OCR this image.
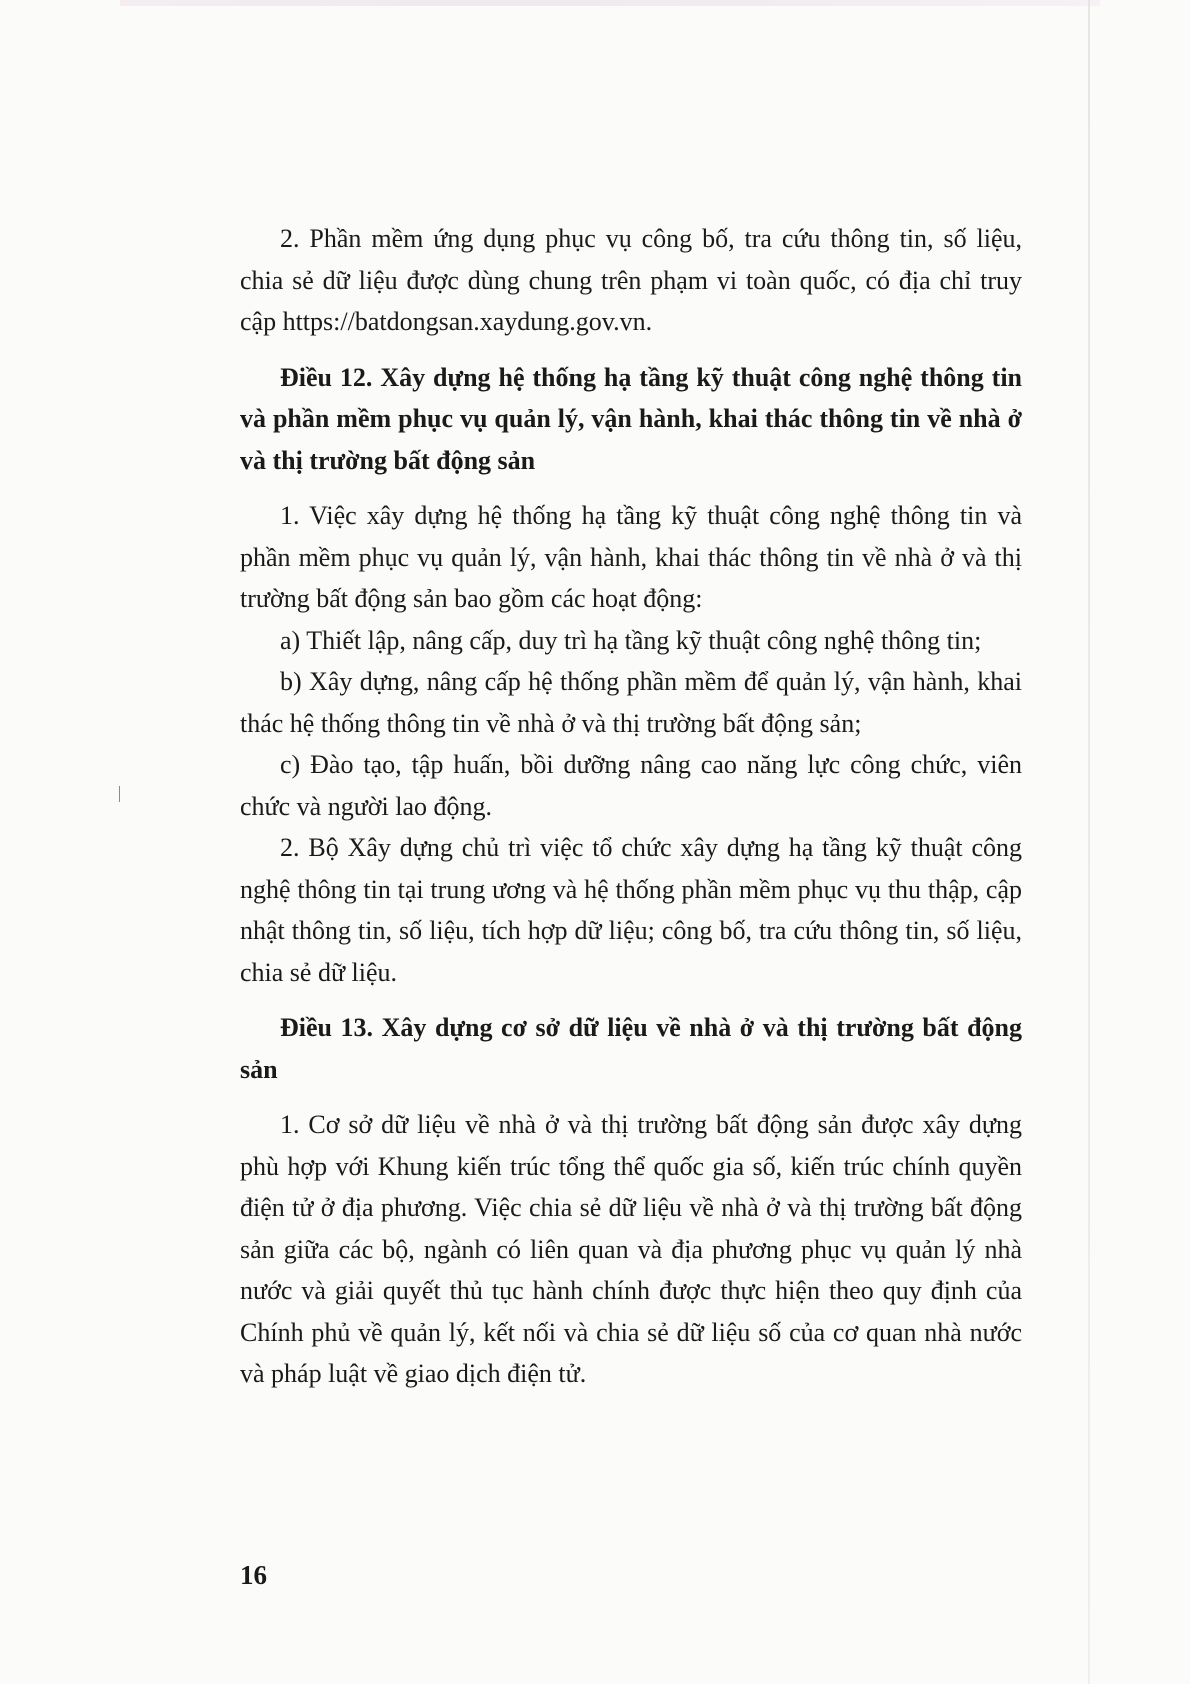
2. Phần mềm ứng dụng phục vụ công bố, tra cứu thông tin, số liệu, chia sẻ dữ liệu được dùng chung trên phạm vi toàn quốc, có địa chỉ truy cập https://batdongsan.xaydung.gov.vn.

Điều 12. Xây dựng hệ thống hạ tầng kỹ thuật công nghệ thông tin và phần mềm phục vụ quản lý, vận hành, khai thác thông tin về nhà ở và thị trường bất động sản

1. Việc xây dựng hệ thống hạ tầng kỹ thuật công nghệ thông tin và phần mềm phục vụ quản lý, vận hành, khai thác thông tin về nhà ở và thị trường bất động sản bao gồm các hoạt động:

a) Thiết lập, nâng cấp, duy trì hạ tầng kỹ thuật công nghệ thông tin;

b) Xây dựng, nâng cấp hệ thống phần mềm để quản lý, vận hành, khai thác hệ thống thông tin về nhà ở và thị trường bất động sản;

c) Đào tạo, tập huấn, bồi dưỡng nâng cao năng lực công chức, viên chức và người lao động.

2. Bộ Xây dựng chủ trì việc tổ chức xây dựng hạ tầng kỹ thuật công nghệ thông tin tại trung ương và hệ thống phần mềm phục vụ thu thập, cập nhật thông tin, số liệu, tích hợp dữ liệu; công bố, tra cứu thông tin, số liệu, chia sẻ dữ liệu.

Điều 13. Xây dựng cơ sở dữ liệu về nhà ở và thị trường bất động sản

1. Cơ sở dữ liệu về nhà ở và thị trường bất động sản được xây dựng phù hợp với Khung kiến trúc tổng thể quốc gia số, kiến trúc chính quyền điện tử ở địa phương. Việc chia sẻ dữ liệu về nhà ở và thị trường bất động sản giữa các bộ, ngành có liên quan và địa phương phục vụ quản lý nhà nước và giải quyết thủ tục hành chính được thực hiện theo quy định của Chính phủ về quản lý, kết nối và chia sẻ dữ liệu số của cơ quan nhà nước và pháp luật về giao dịch điện tử.

16
